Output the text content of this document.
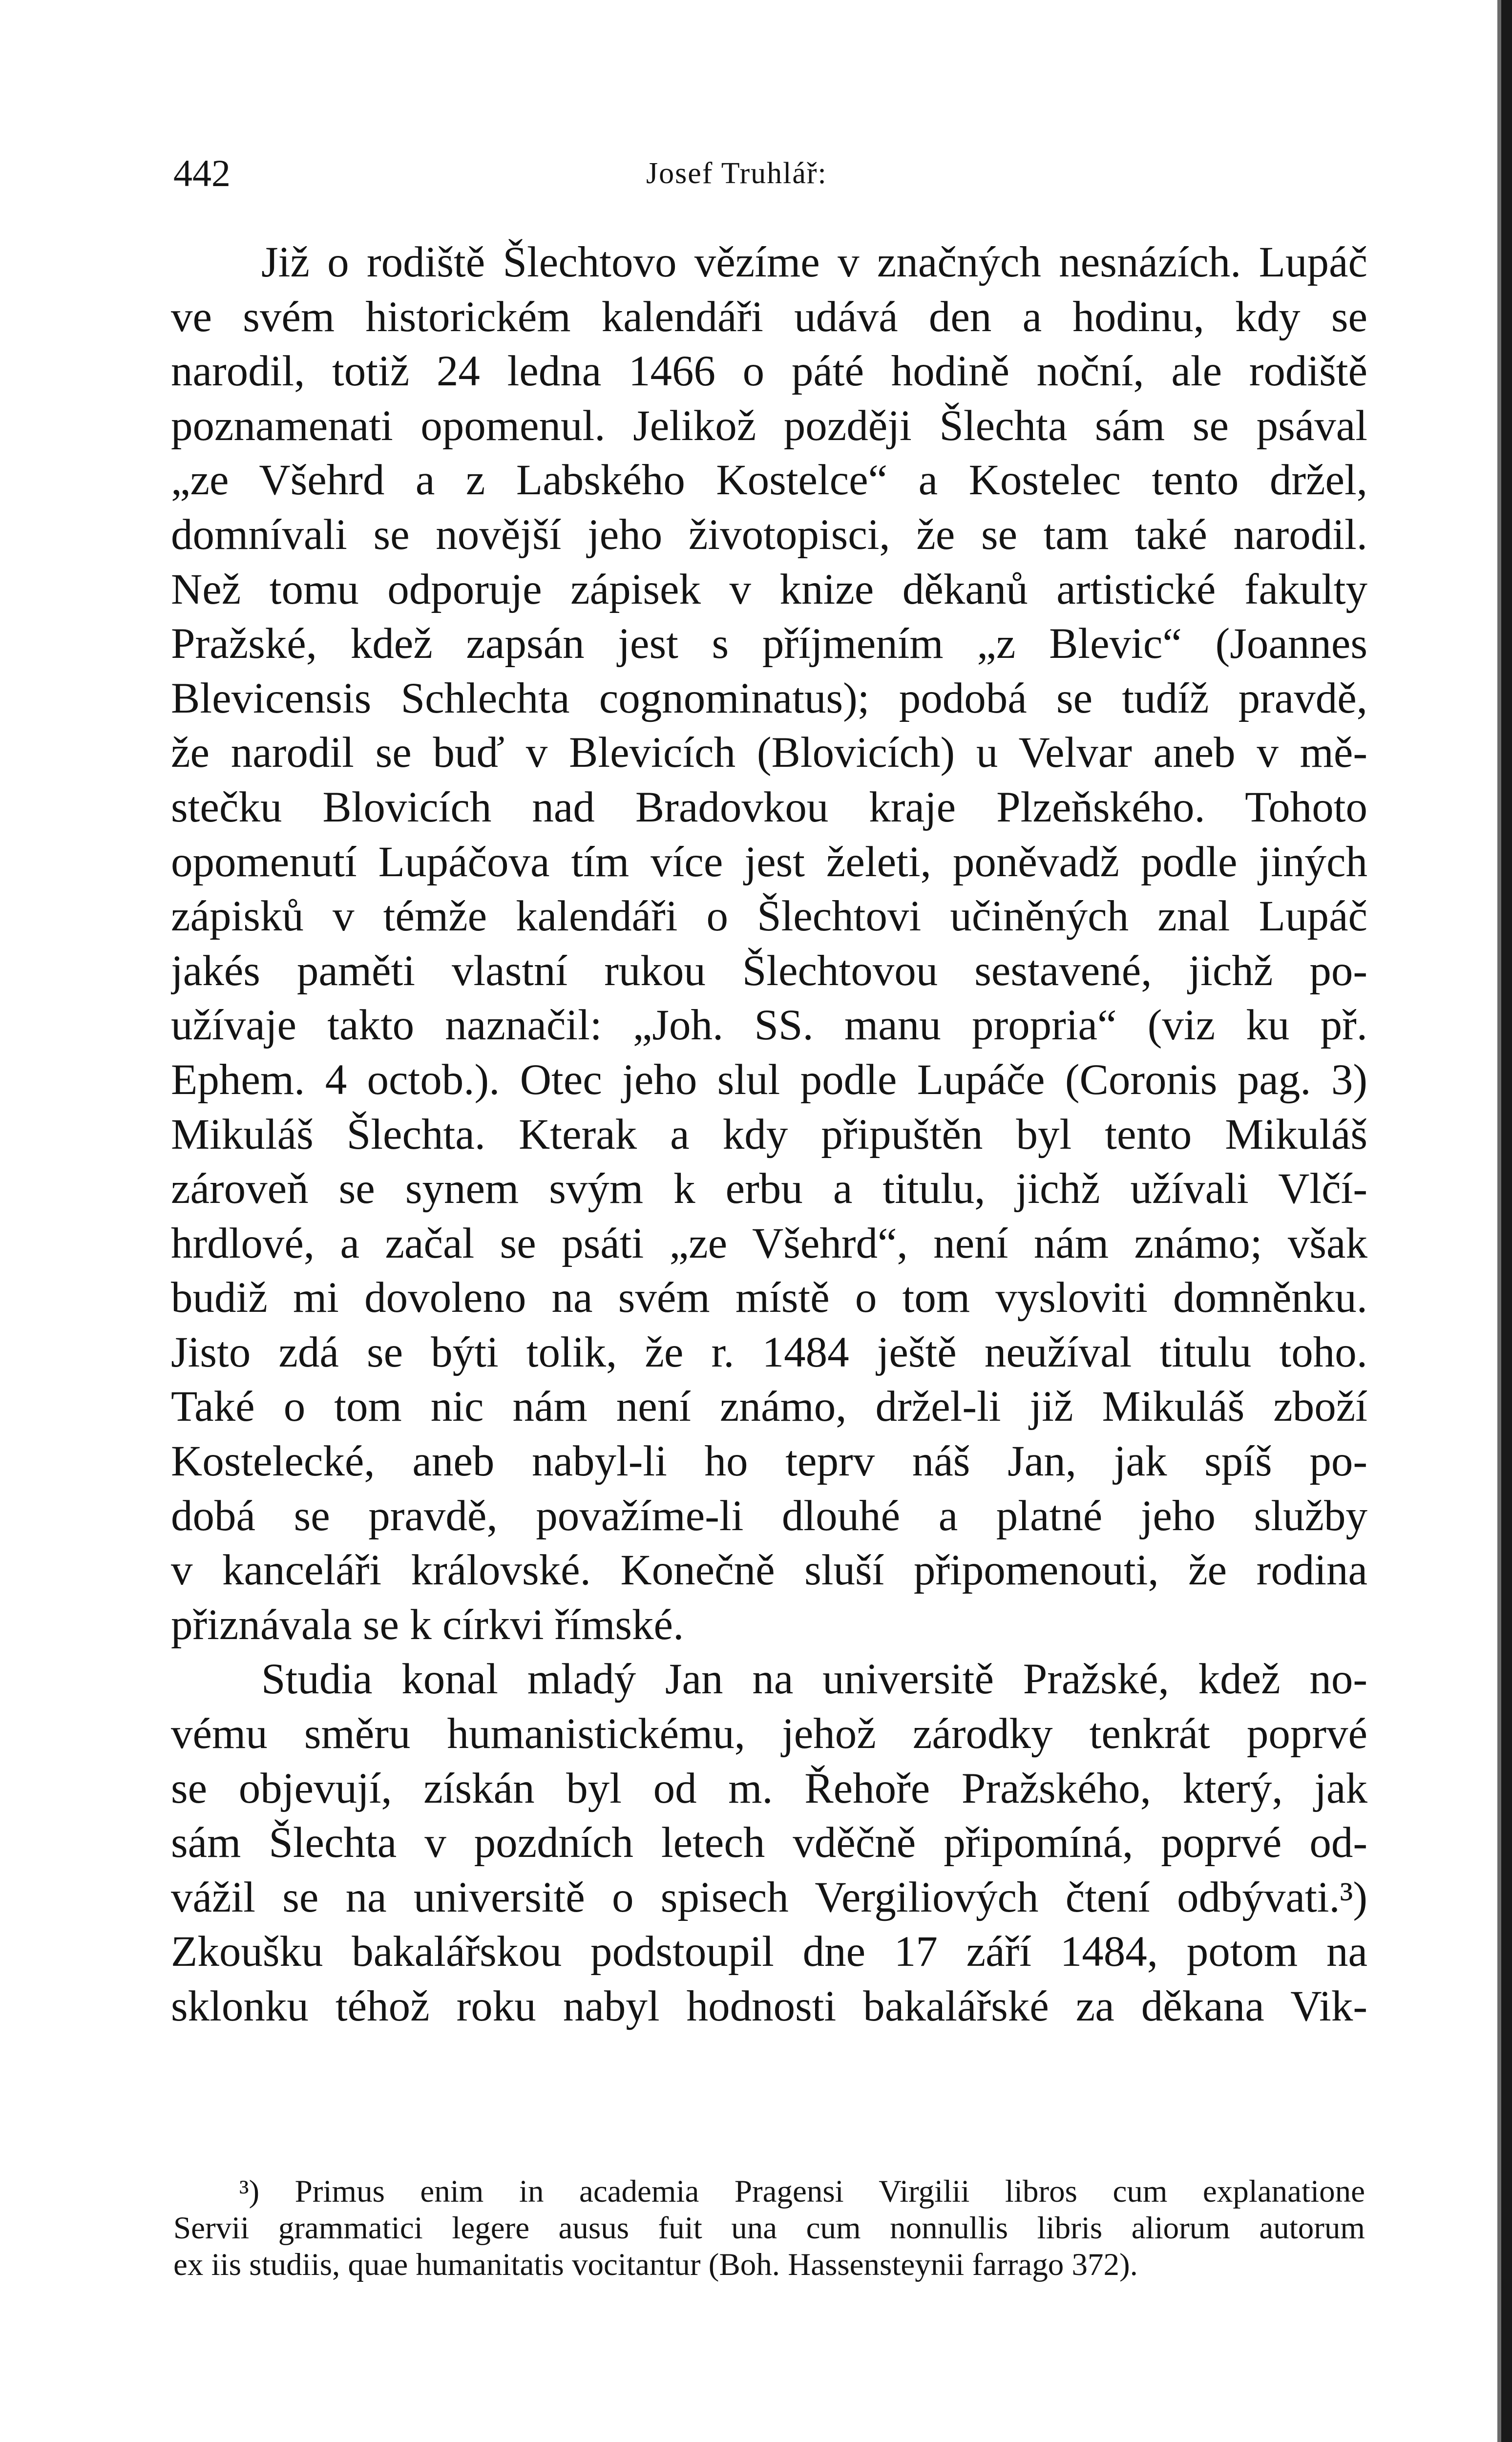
442	Josef Truhlář:
Již o rodiště Šlechtovo vězíme v značných nesnázích. Lupáč
ve svém historickém kalendáři udává den a hodinu, kdy se
narodil, totiž 24 ledna 1466 o páté hodině noční, ale rodiště
poznamenati opomenul. Jelikož později Šlechta sám se psával
„ze Všehrd a z Labského Kostelce“ a Kostelec tento držel,
domnívali se novější jeho životopisci, že se tam také narodil.
Než tomu odporuje zápisek v knize děkanů artistické fakulty
Pražské, kdež zapsán jest s příjmením „z Blevic“ (Joannes
Blevicensis Schlechta cognominatus); podobá se tudíž pravdě,
že narodil se buď v Blevicích (Blovicích) u Velvar aneb v mě-
stečku Blovicích nad Bradovkou kraje Plzeňského. Tohoto
opomenutí Lupáčova tím více jest želeti, poněvadž podle jiných
zápisků v témže kalendáři o Šlechtovi učiněných znal Lupáč
jakés paměti vlastní rukou Šlechtovou sestavené, jichž po-
užívaje takto naznačil: „Joh. SS. manu propria“ (viz ku př.
Ephem. 4 octob.). Otec jeho slul podle Lupáče (Coronis pag. 3)
Mikuláš Šlechta. Kterak a kdy připuštěn byl tento Mikuláš
zároveň se synem svým k erbu a titulu, jichž užívali Vlčí-
hrdlové, a začal se psáti „ze Všehrd“, není nám známo; však
budiž mi dovoleno na svém místě o tom vysloviti domněnku.
Jisto zdá se býti tolik, že r. 1484 ještě neužíval titulu toho.
Také o tom nic nám není známo, držel-li již Mikuláš zboží
Kostelecké, aneb nabyl-li ho teprv náš Jan, jak spíš po-
dobá se pravdě, považíme-li dlouhé a platné jeho služby
v kanceláři královské. Konečně sluší připomenouti, že rodina
přiznávala se k církvi římské.
Studia konal mladý Jan na universitě Pražské, kdež no-
vému směru humanistickému, jehož zárodky tenkrát poprvé
se objevují, získán byl od m. Řehoře Pražského, který, jak
sám Šlechta v pozdních letech vděčně připomíná, poprvé od-
vážil se na universitě o spisech Vergiliových čtení odbývati.³)
Zkoušku bakalářskou podstoupil dne 17 září 1484, potom na
sklonku téhož roku nabyl hodnosti bakalářské za děkana Vik-
³) Primus enim in academia Pragensi Virgilii libros cum explanatione
Servii grammatici legere ausus fuit una cum nonnullis libris aliorum autorum
ex iis studiis, quae humanitatis vocitantur (Boh. Hassensteynii farrago 372).
